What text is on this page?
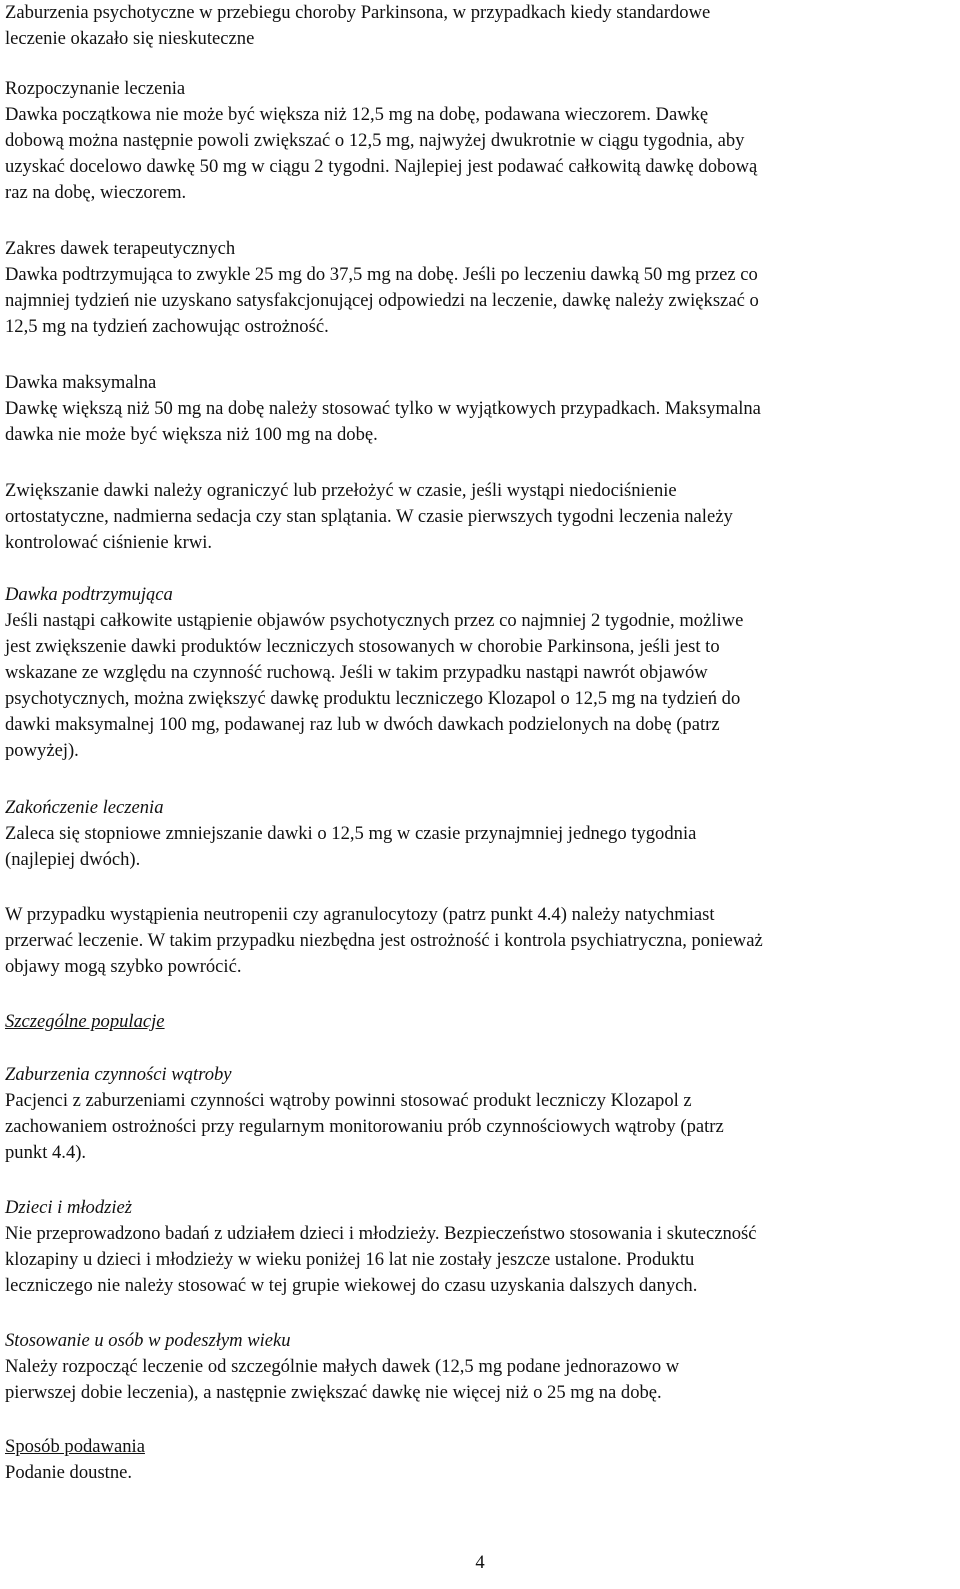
Zaburzenia psychotyczne w przebiegu choroby Parkinsona, w przypadkach kiedy standardowe
leczenie okazało się nieskuteczne
Rozpoczynanie leczenia
Dawka początkowa nie może być większa niż 12,5 mg na dobę, podawana wieczorem. Dawkę
dobową można następnie powoli zwiększać o 12,5 mg, najwyżej dwukrotnie w ciągu tygodnia, aby
uzyskać docelowo dawkę 50 mg w ciągu 2 tygodni. Najlepiej jest podawać całkowitą dawkę dobową
raz na dobę, wieczorem.
Zakres dawek terapeutycznych
Dawka podtrzymująca to zwykle 25 mg do 37,5 mg na dobę. Jeśli po leczeniu dawką 50 mg przez co
najmniej tydzień nie uzyskano satysfakcjonującej odpowiedzi na leczenie, dawkę należy zwiększać o
12,5 mg na tydzień zachowując ostrożność.
Dawka maksymalna
Dawkę większą niż 50 mg na dobę należy stosować tylko w wyjątkowych przypadkach. Maksymalna
dawka nie może być większa niż 100 mg na dobę.
Zwiększanie dawki należy ograniczyć lub przełożyć w czasie, jeśli wystąpi niedociśnienie
ortostatyczne, nadmierna sedacja czy stan splątania. W czasie pierwszych tygodni leczenia należy
kontrolować ciśnienie krwi.
Dawka podtrzymująca
Jeśli nastąpi całkowite ustąpienie objawów psychotycznych przez co najmniej 2 tygodnie, możliwe
jest zwiększenie dawki produktów leczniczych stosowanych w chorobie Parkinsona, jeśli jest to
wskazane ze względu na czynność ruchową. Jeśli w takim przypadku nastąpi nawrót objawów
psychotycznych, można zwiększyć dawkę produktu leczniczego Klozapol o 12,5 mg na tydzień do
dawki maksymalnej 100 mg, podawanej raz lub w dwóch dawkach podzielonych na dobę (patrz
powyżej).
Zakończenie leczenia
Zaleca się stopniowe zmniejszanie dawki o 12,5 mg w czasie przynajmniej jednego tygodnia
(najlepiej dwóch).
W przypadku wystąpienia neutropenii czy agranulocytozy (patrz punkt 4.4) należy natychmiast
przerwać leczenie. W takim przypadku niezbędna jest ostrożność i kontrola psychiatryczna, ponieważ
objawy mogą szybko powrócić.
Szczególne populacje
Zaburzenia czynności wątroby
Pacjenci z zaburzeniami czynności wątroby powinni stosować produkt leczniczy Klozapol z
zachowaniem ostrożności przy regularnym monitorowaniu prób czynnościowych wątroby (patrz
punkt 4.4).
Dzieci i młodzież
Nie przeprowadzono badań z udziałem dzieci i młodzieży. Bezpieczeństwo stosowania i skuteczność
klozapiny u dzieci i młodzieży w wieku poniżej 16 lat nie zostały jeszcze ustalone. Produktu
leczniczego nie należy stosować w tej grupie wiekowej do czasu uzyskania dalszych danych.
Stosowanie u osób w podeszłym wieku
Należy rozpocząć leczenie od szczególnie małych dawek (12,5 mg podane jednorazowo w
pierwszej dobie leczenia), a następnie zwiększać dawkę nie więcej niż o 25 mg na dobę.
Sposób podawania
Podanie doustne.
4
